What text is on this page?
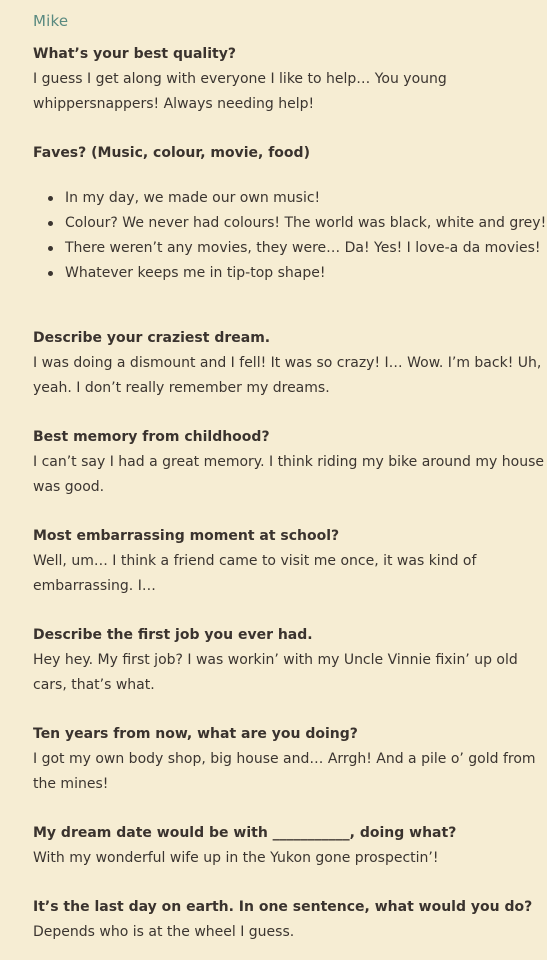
Mike

What’s your best quality?

I guess I get along with everyone I like to help… You young whippersnappers! Always needing help!

Faves? (Music, colour, movie, food)

In my day, we made our own music!
Colour? We never had colours! The world was black, white and grey!
There weren’t any movies, they were… Da! Yes! I love-a da movies!
Whatever keeps me in tip-top shape!

Describe your craziest dream.

I was doing a dismount and I fell! It was so crazy! I… Wow. I’m back! Uh, yeah. I don’t really remember my dreams.

Best memory from childhood?

I can’t say I had a great memory. I think riding my bike around my house was good.

Most embarrassing moment at school?

Well, um… I think a friend came to visit me once, it was kind of embarrassing. I…

Describe the first job you ever had.

Hey hey. My first job? I was workin’ with my Uncle Vinnie fixin’ up old cars, that’s what.

Ten years from now, what are you doing?

I got my own body shop, big house and… Arrgh! And a pile o’ gold from the mines!

My dream date would be with ___________, doing what?

With my wonderful wife up in the Yukon gone prospectin’!

It’s the last day on earth. In one sentence, what would you do?

Depends who is at the wheel I guess.
